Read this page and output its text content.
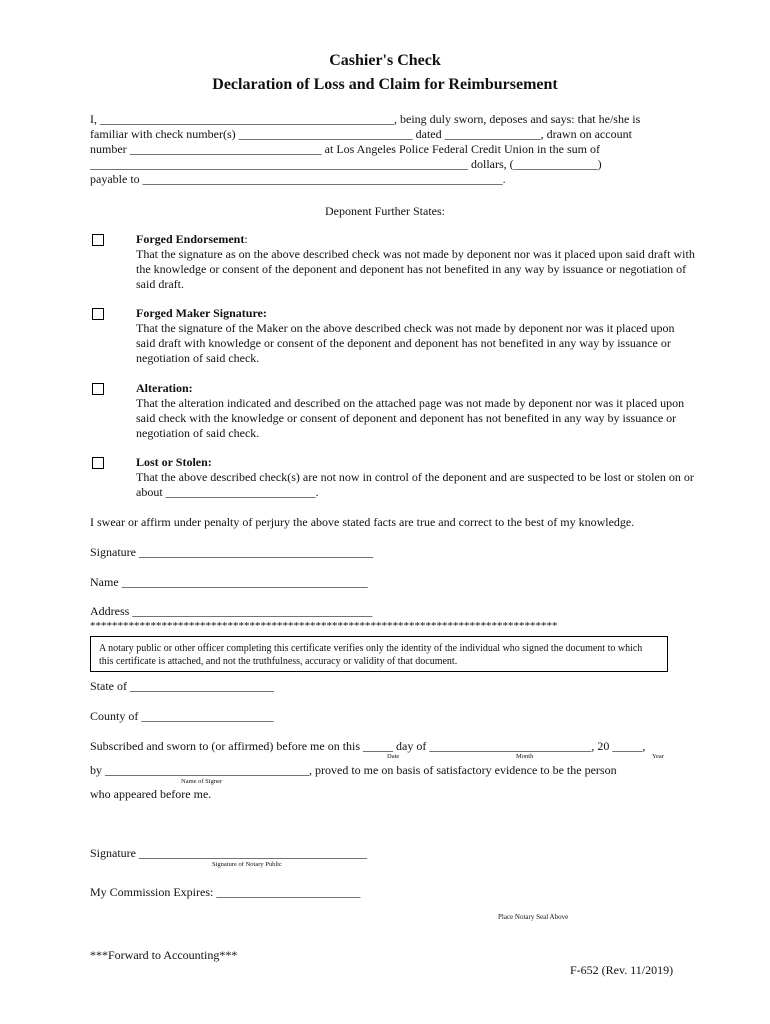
Cashier's Check
Declaration of Loss and Claim for Reimbursement
I, _________________________________________________, being duly sworn, deposes and says: that he/she is
familiar with check number(s) _____________________________ dated ________________, drawn on account
number ________________________________ at Los Angeles Police Federal Credit Union in the sum of
_______________________________________________________________ dollars, (______________)
payable to ____________________________________________________________.
Deponent Further States:
Forged Endorsement:
That the signature as on the above described check was not made by deponent nor was it placed upon said draft with the knowledge or consent of the deponent and deponent has not benefited in any way by issuance or negotiation of said draft.
Forged Maker Signature:
That the signature of the Maker on the above described check was not made by deponent nor was it placed upon said draft with knowledge or consent of the deponent and deponent has not benefited in any way by issuance or negotiation of said check.
Alteration:
That the alteration indicated and described on the attached page was not made by deponent nor was it placed upon said check with the knowledge or consent of deponent and deponent has not benefited in any way by issuance or negotiation of said check.
Lost or Stolen:
That the above described check(s) are not now in control of the deponent and are suspected to be lost or stolen on or about _________________________.
I swear or affirm under penalty of perjury the above stated facts are true and correct to the best of my knowledge.
Signature _______________________________________
Name _________________________________________
Address ________________________________________
*************************************************************************************
A notary public or other officer completing this certificate verifies only the identity of the individual who signed the document to which this certificate is attached, and not the truthfulness, accuracy or validity of that document.
State of ________________________
County of ______________________
Subscribed and sworn to (or affirmed) before me on this _____ day of ___________________________, 20 _____,
Date	Month	Year
by __________________________________, proved to me on basis of satisfactory evidence to be the person
Name of Signer
who appeared before me.
Signature ______________________________________
Signature of Notary Public
My Commission Expires: ________________________
Place Notary Seal Above
***Forward to Accounting***
F-652 (Rev. 11/2019)
